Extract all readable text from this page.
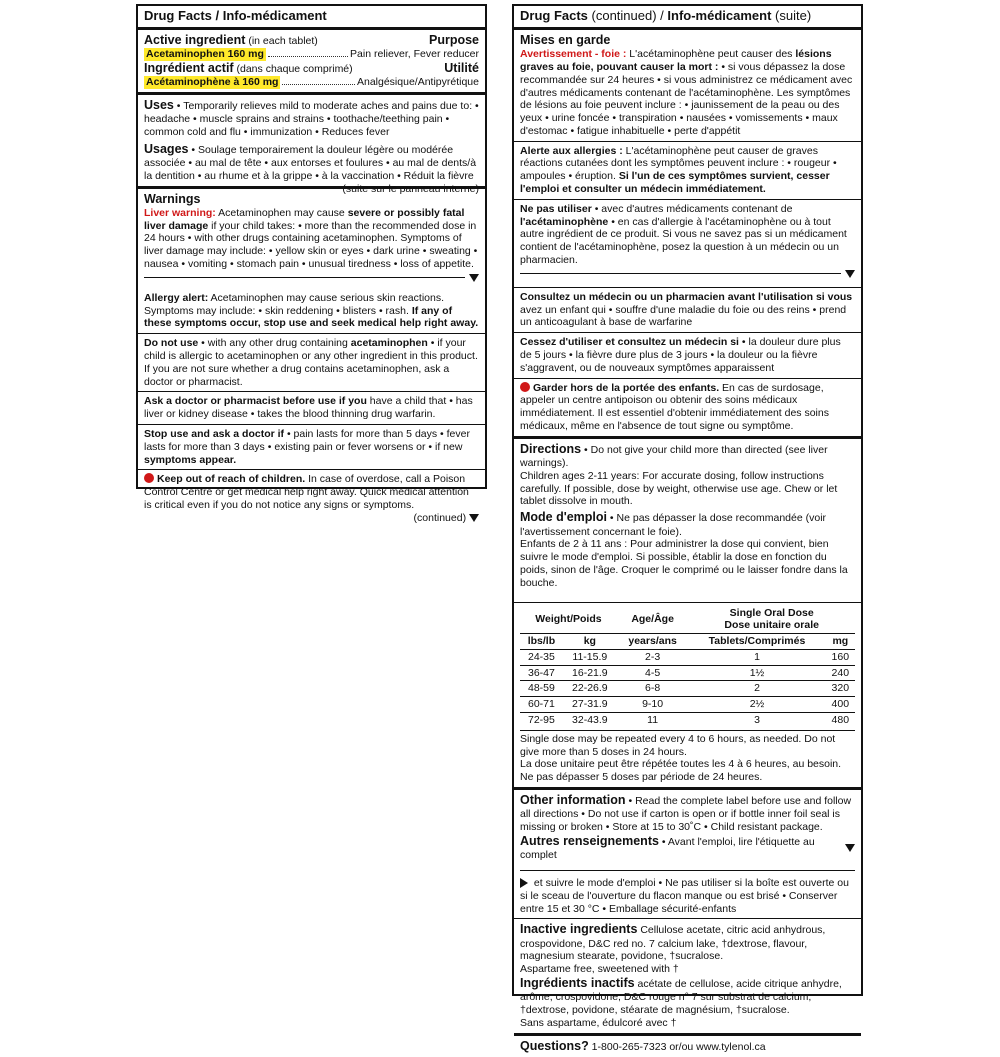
Drug Facts / Info-médicament
Active ingredient (in each tablet)	Purpose
Acetaminophen 160 mg	Pain reliever, Fever reducer
Ingrédient actif (dans chaque comprimé)	Utilité
Acétaminophène à 160 mg	Analgésique/Antipyrétique

Uses • Temporarily relieves mild to moderate aches and pains due to: • headache • muscle sprains and strains • toothache/teething pain • common cold and flu • immunization • Reduces fever

Usages • Soulage temporairement la douleur légère ou modérée associée • au mal de tête • aux entorses et foulures • au mal de dents/à la dentition • au rhume et à la grippe • à la vaccination • Réduit la fièvre
(suite sur le panneau interne)

Warnings

Liver warning: Acetaminophen may cause severe or possibly fatal liver damage if your child takes: • more than the recommended dose in 24 hours • with other drugs containing acetaminophen. Symptoms of liver damage may include: • yellow skin or eyes • dark urine • sweating • nausea • vomiting • stomach pain • unusual tiredness • loss of appetite.

Allergy alert: Acetaminophen may cause serious skin reactions. Symptoms may include: • skin reddening • blisters • rash. If any of these symptoms occur, stop use and seek medical help right away.

Do not use • with any other drug containing acetaminophen • if your child is allergic to acetaminophen or any other ingredient in this product. If you are not sure whether a drug contains acetaminophen, ask a doctor or pharmacist.

Ask a doctor or pharmacist before use if you have a child that • has liver or kidney disease • takes the blood thinning drug warfarin.

Stop use and ask a doctor if • pain lasts for more than 5 days • fever lasts for more than 3 days • existing pain or fever worsens or • if new symptoms appear.

Keep out of reach of children. In case of overdose, call a Poison Control Centre or get medical help right away. Quick medical attention is critical even if you do not notice any signs or symptoms.

(continued)

Drug Facts (continued) / Info-médicament (suite)
Mises en garde

Avertissement - foie : L'acétaminophène peut causer des lésions graves au foie, pouvant causer la mort : • si vous dépassez la dose recommandée sur 24 heures • si vous administrez ce médicament avec d'autres médicaments contenant de l'acétaminophène. Les symptômes de lésions au foie peuvent inclure : • jaunissement de la peau ou des yeux • urine foncée • transpiration • nausées • vomissements • maux d'estomac • fatigue inhabituelle • perte d'appétit

Alerte aux allergies : L'acétaminophène peut causer de graves réactions cutanées dont les symptômes peuvent inclure : • rougeur • ampoules • éruption. Si l'un de ces symptômes survient, cesser l'emploi et consulter un médecin immédiatement.

Ne pas utiliser • avec d'autres médicaments contenant de l'acétaminophène • en cas d'allergie à l'acétaminophène ou à tout autre ingrédient de ce produit. Si vous ne savez pas si un médicament contient de l'acétaminophène, posez la question à un médecin ou un pharmacien.

Consultez un médecin ou un pharmacien avant l'utilisation si vous avez un enfant qui • souffre d'une maladie du foie ou des reins • prend un anticoagulant à base de warfarine

Cessez d'utiliser et consultez un médecin si • la douleur dure plus de 5 jours • la fièvre dure plus de 3 jours • la douleur ou la fièvre s'aggravent, ou de nouveaux symptômes apparaissent

Garder hors de la portée des enfants. En cas de surdosage, appeler un centre antipoison ou obtenir des soins médicaux immédiatement. Il est essentiel d'obtenir immédiatement des soins médicaux, même en l'absence de tout signe ou symptôme.

Directions • Do not give your child more than directed (see liver warnings).

Children ages 2-11 years: For accurate dosing, follow instructions carefully. If possible, dose by weight, otherwise use age. Chew or let tablet dissolve in mouth.

Mode d'emploi • Ne pas dépasser la dose recommandée (voir l'avertissement concernant le foie).

Enfants de 2 à 11 ans : Pour administrer la dose qui convient, bien suivre le mode d'emploi. Si possible, établir la dose en fonction du poids, sinon de l'âge. Croquer le comprimé ou le laisser fondre dans la bouche.

Weight/Poids		Age/Âge	Single Oral Dose
Dose unitaire orale	
lbs/lb	kg	years/ans	Tablets/Comprimés	mg
24-35	11-15.9	2-3	1	160
36-47	16-21.9	4-5	1½	240
48-59	22-26.9	6-8	2	320
60-71	27-31.9	9-10	2½	400
72-95	32-43.9	11	3	480

Single dose may be repeated every 4 to 6 hours, as needed. Do not give more than 5 doses in 24 hours.

La dose unitaire peut être répétée toutes les 4 à 6 heures, au besoin. Ne pas dépasser 5 doses par période de 24 heures.

Other information • Read the complete label before use and follow all directions • Do not use if carton is open or if bottle inner foil seal is missing or broken • Store at 15 to 30˚C • Child resistant package.

Autres renseignements • Avant l'emploi, lire l'étiquette au complet

et suivre le mode d'emploi • Ne pas utiliser si la boîte est ouverte ou si le sceau de l'ouverture du flacon manque ou est brisé • Conserver entre 15 et 30 °C • Emballage sécurité-enfants

Inactive ingredients Cellulose acetate, citric acid anhydrous, crospovidone, D&C red no. 7 calcium lake, †dextrose, flavour, magnesium stearate, povidone, †sucralose.

Aspartame free, sweetened with †

Ingrédients inactifs acétate de cellulose, acide citrique anhydre, arôme, crospovidone, D&C rouge n° 7 sur substrat de calcium, †dextrose, povidone, stéarate de magnésium, †sucralose.

Sans aspartame, édulcoré avec †

Questions? 1-800-265-7323 or/ou www.tylenol.ca
